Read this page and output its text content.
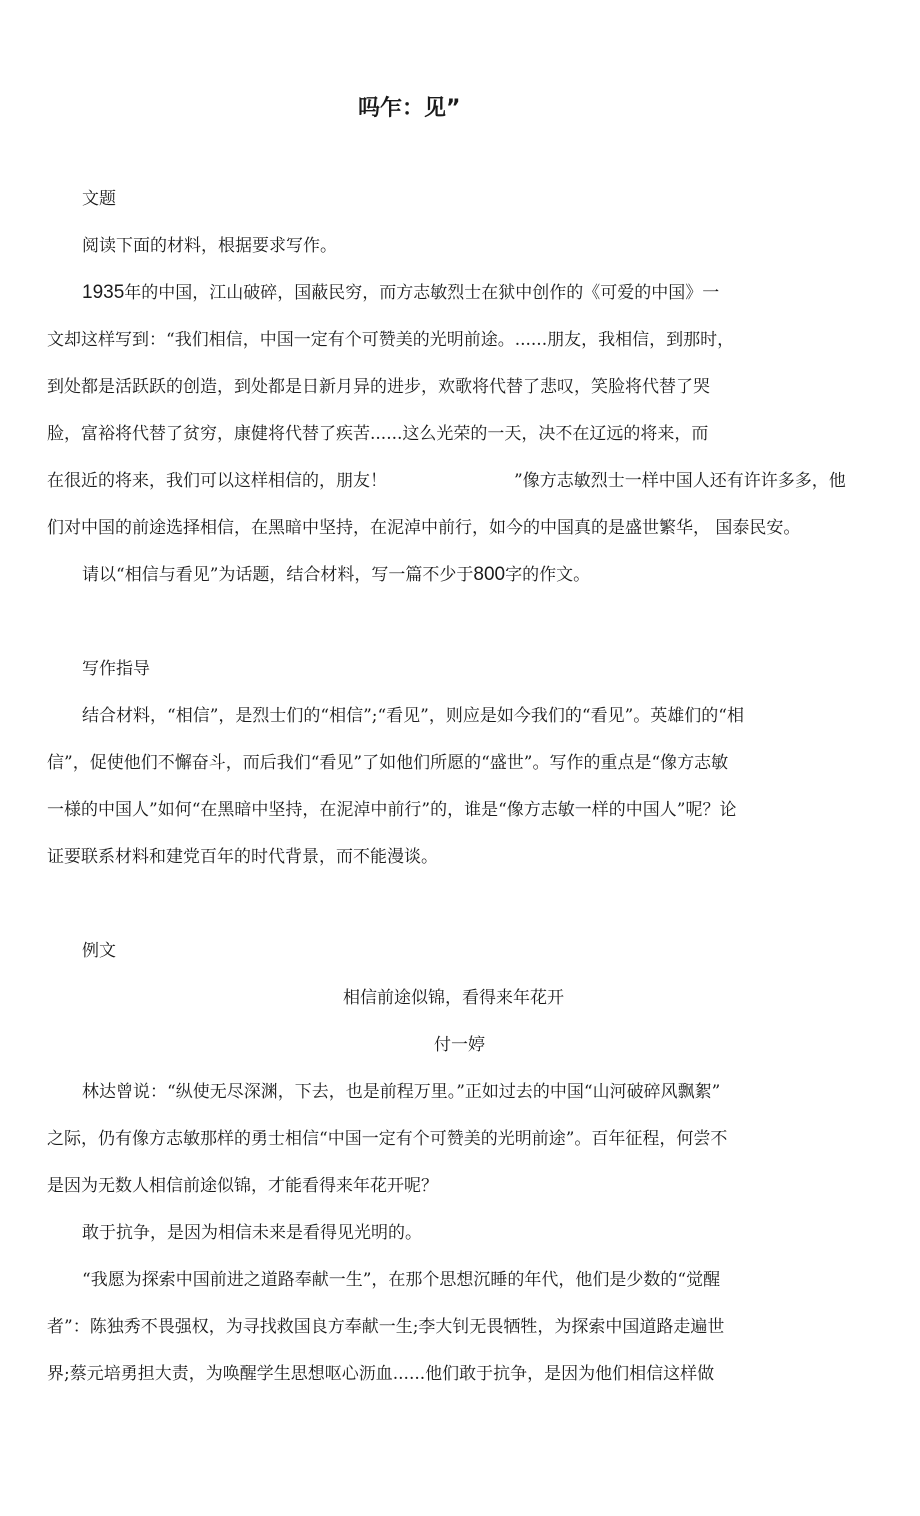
吗乍：见”
文题
阅读下面的材料，根据要求写作。
1935年的中国，江山破碎，国蔽民穷，而方志敏烈士在狱中创作的《可爱的中国》一
文却这样写到：“我们相信，中国一定有个可赞美的光明前途。......朋友，我相信，到那时，
到处都是活跃跃的创造，到处都是日新月异的进步，欢歌将代替了悲叹，笑脸将代替了哭
脸，富裕将代替了贫穷，康健将代替了疾苦......这么光荣的一天，决不在辽远的将来，而
在很近的将来，我们可以这样相信的，朋友！	”像方志敏烈士一样中国人还有许许多多，他
们对中国的前途选择相信，在黑暗中坚持，在泥淖中前行，如今的中国真的是盛世繁华， 国泰民安。
请以“相信与看见”为话题，结合材料，写一篇不少于800字的作文。
写作指导
结合材料，“相信”，是烈士们的“相信”;“看见”，则应是如今我们的“看见”。英雄们的“相
信”，促使他们不懈奋斗，而后我们“看见”了如他们所愿的“盛世”。写作的重点是“像方志敏
一様的中国人”如何“在黑暗中坚持，在泥淖中前行”的，谁是“像方志敏一样的中国人”呢？论
证要联系材料和建党百年的时代背景，而不能漫谈。
例文
相信前途似锦，看得来年花开
付一婷
林达曾说：“纵使无尽深渊，下去，也是前程万里。”正如过去的中国“山河破碎风飘絮”
之际，仍有像方志敏那样的勇士相信“中国一定有个可赞美的光明前途”。百年征程，何尝不
是因为无数人相信前途似锦，才能看得来年花开呢？
敢于抗争，是因为相信未来是看得见光明的。
“我愿为探索中国前进之道路奉献一生”，在那个思想沉睡的年代，他们是少数的“觉醒
者”：陈独秀不畏强权，为寻找救国良方奉献一生;李大钊无畏牺牲，为探索中国道路走遍世
界;蔡元培勇担大责，为唤醒学生思想呕心沥血......他们敢于抗争，是因为他们相信这样做
